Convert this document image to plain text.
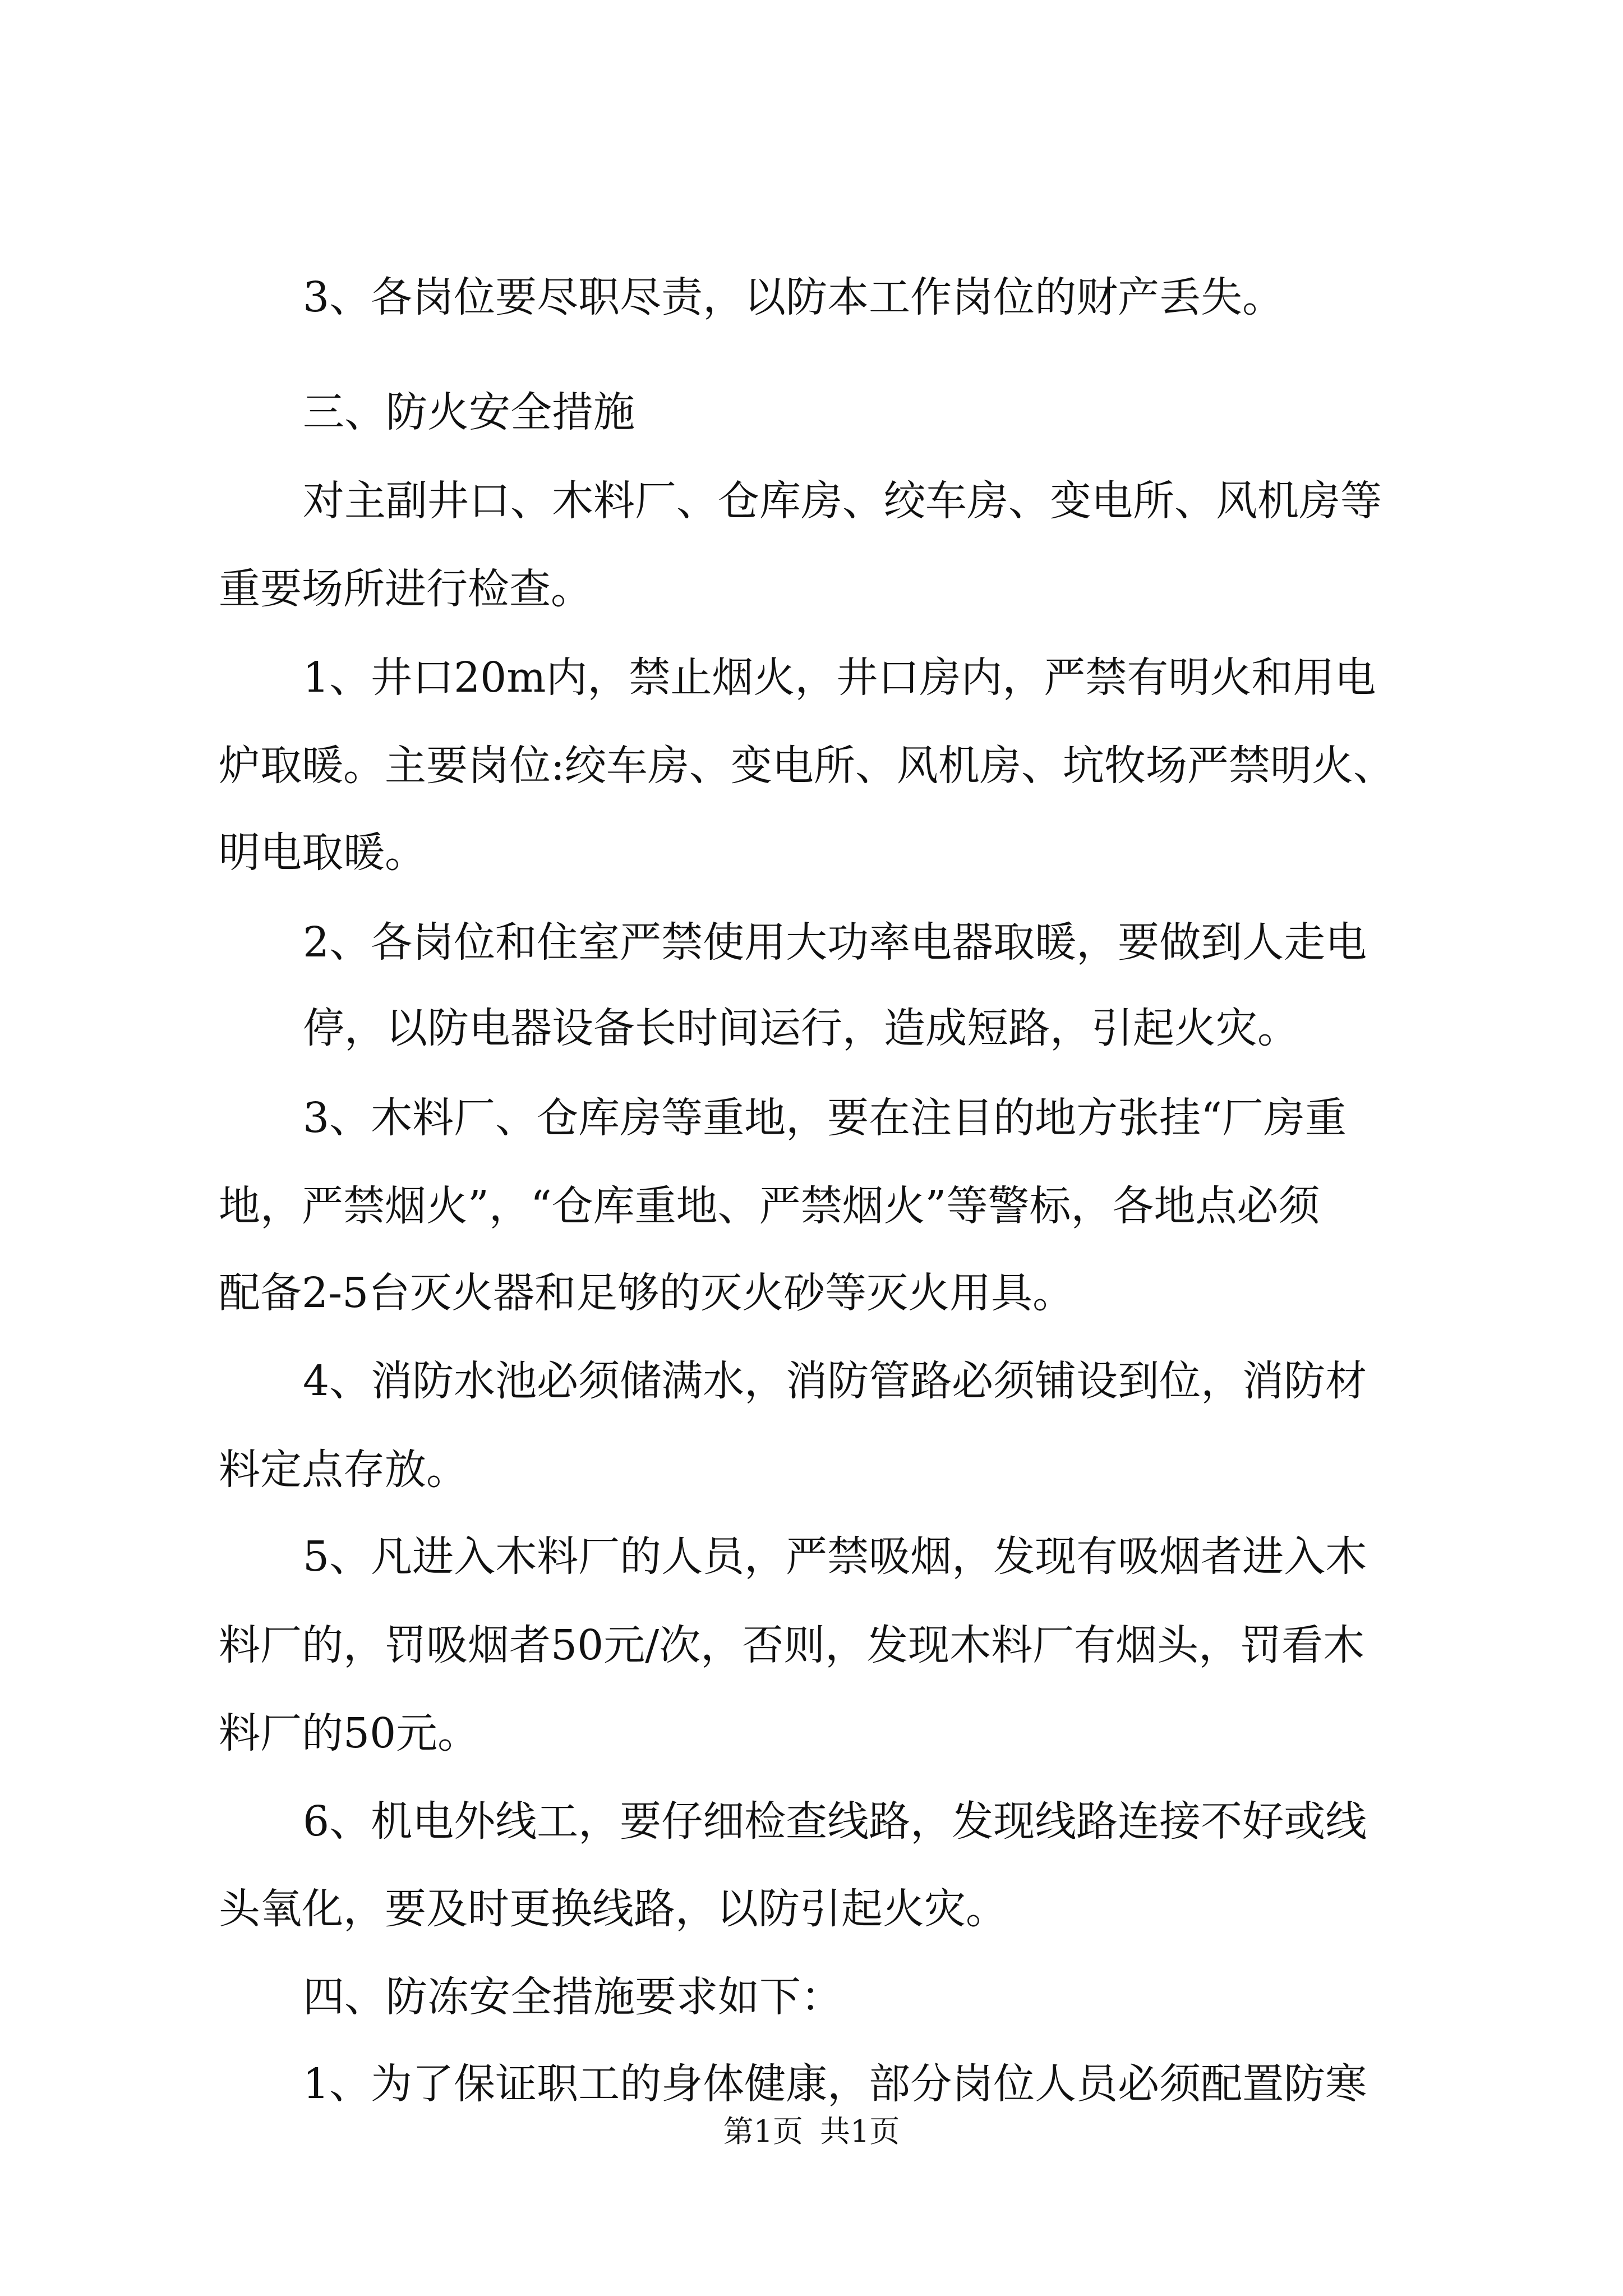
3、各岗位要尽职尽责，以防本工作岗位的财产丢失。
三、防火安全措施
对主副井口、木料厂、仓库房、绞车房、变电所、风机房等
重要场所进行检查。
1、井口20m内，禁止烟火，井口房内，严禁有明火和用电
炉取暖。主要岗位:绞车房、变电所、风机房、坑牧场严禁明火、
明电取暖。
2、各岗位和住室严禁使用大功率电器取暖，要做到人走电
停，以防电器设备长时间运行，造成短路，引起火灾。
3、木料厂、仓库房等重地，要在注目的地方张挂“厂房重
地，严禁烟火”，“仓库重地、严禁烟火”等警标，各地点必须
配备2-5台灭火器和足够的灭火砂等灭火用具。
4、消防水池必须储满水，消防管路必须铺设到位，消防材
料定点存放。
5、凡进入木料厂的人员，严禁吸烟，发现有吸烟者进入木
料厂的，罚吸烟者50元/次，否则，发现木料厂有烟头，罚看木
料厂的50元。
6、机电外线工，要仔细检查线路，发现线路连接不好或线
头氧化，要及时更换线路，以防引起火灾。
四、防冻安全措施要求如下：
1、为了保证职工的身体健康，部分岗位人员必须配置防寒
第1页 共1页
